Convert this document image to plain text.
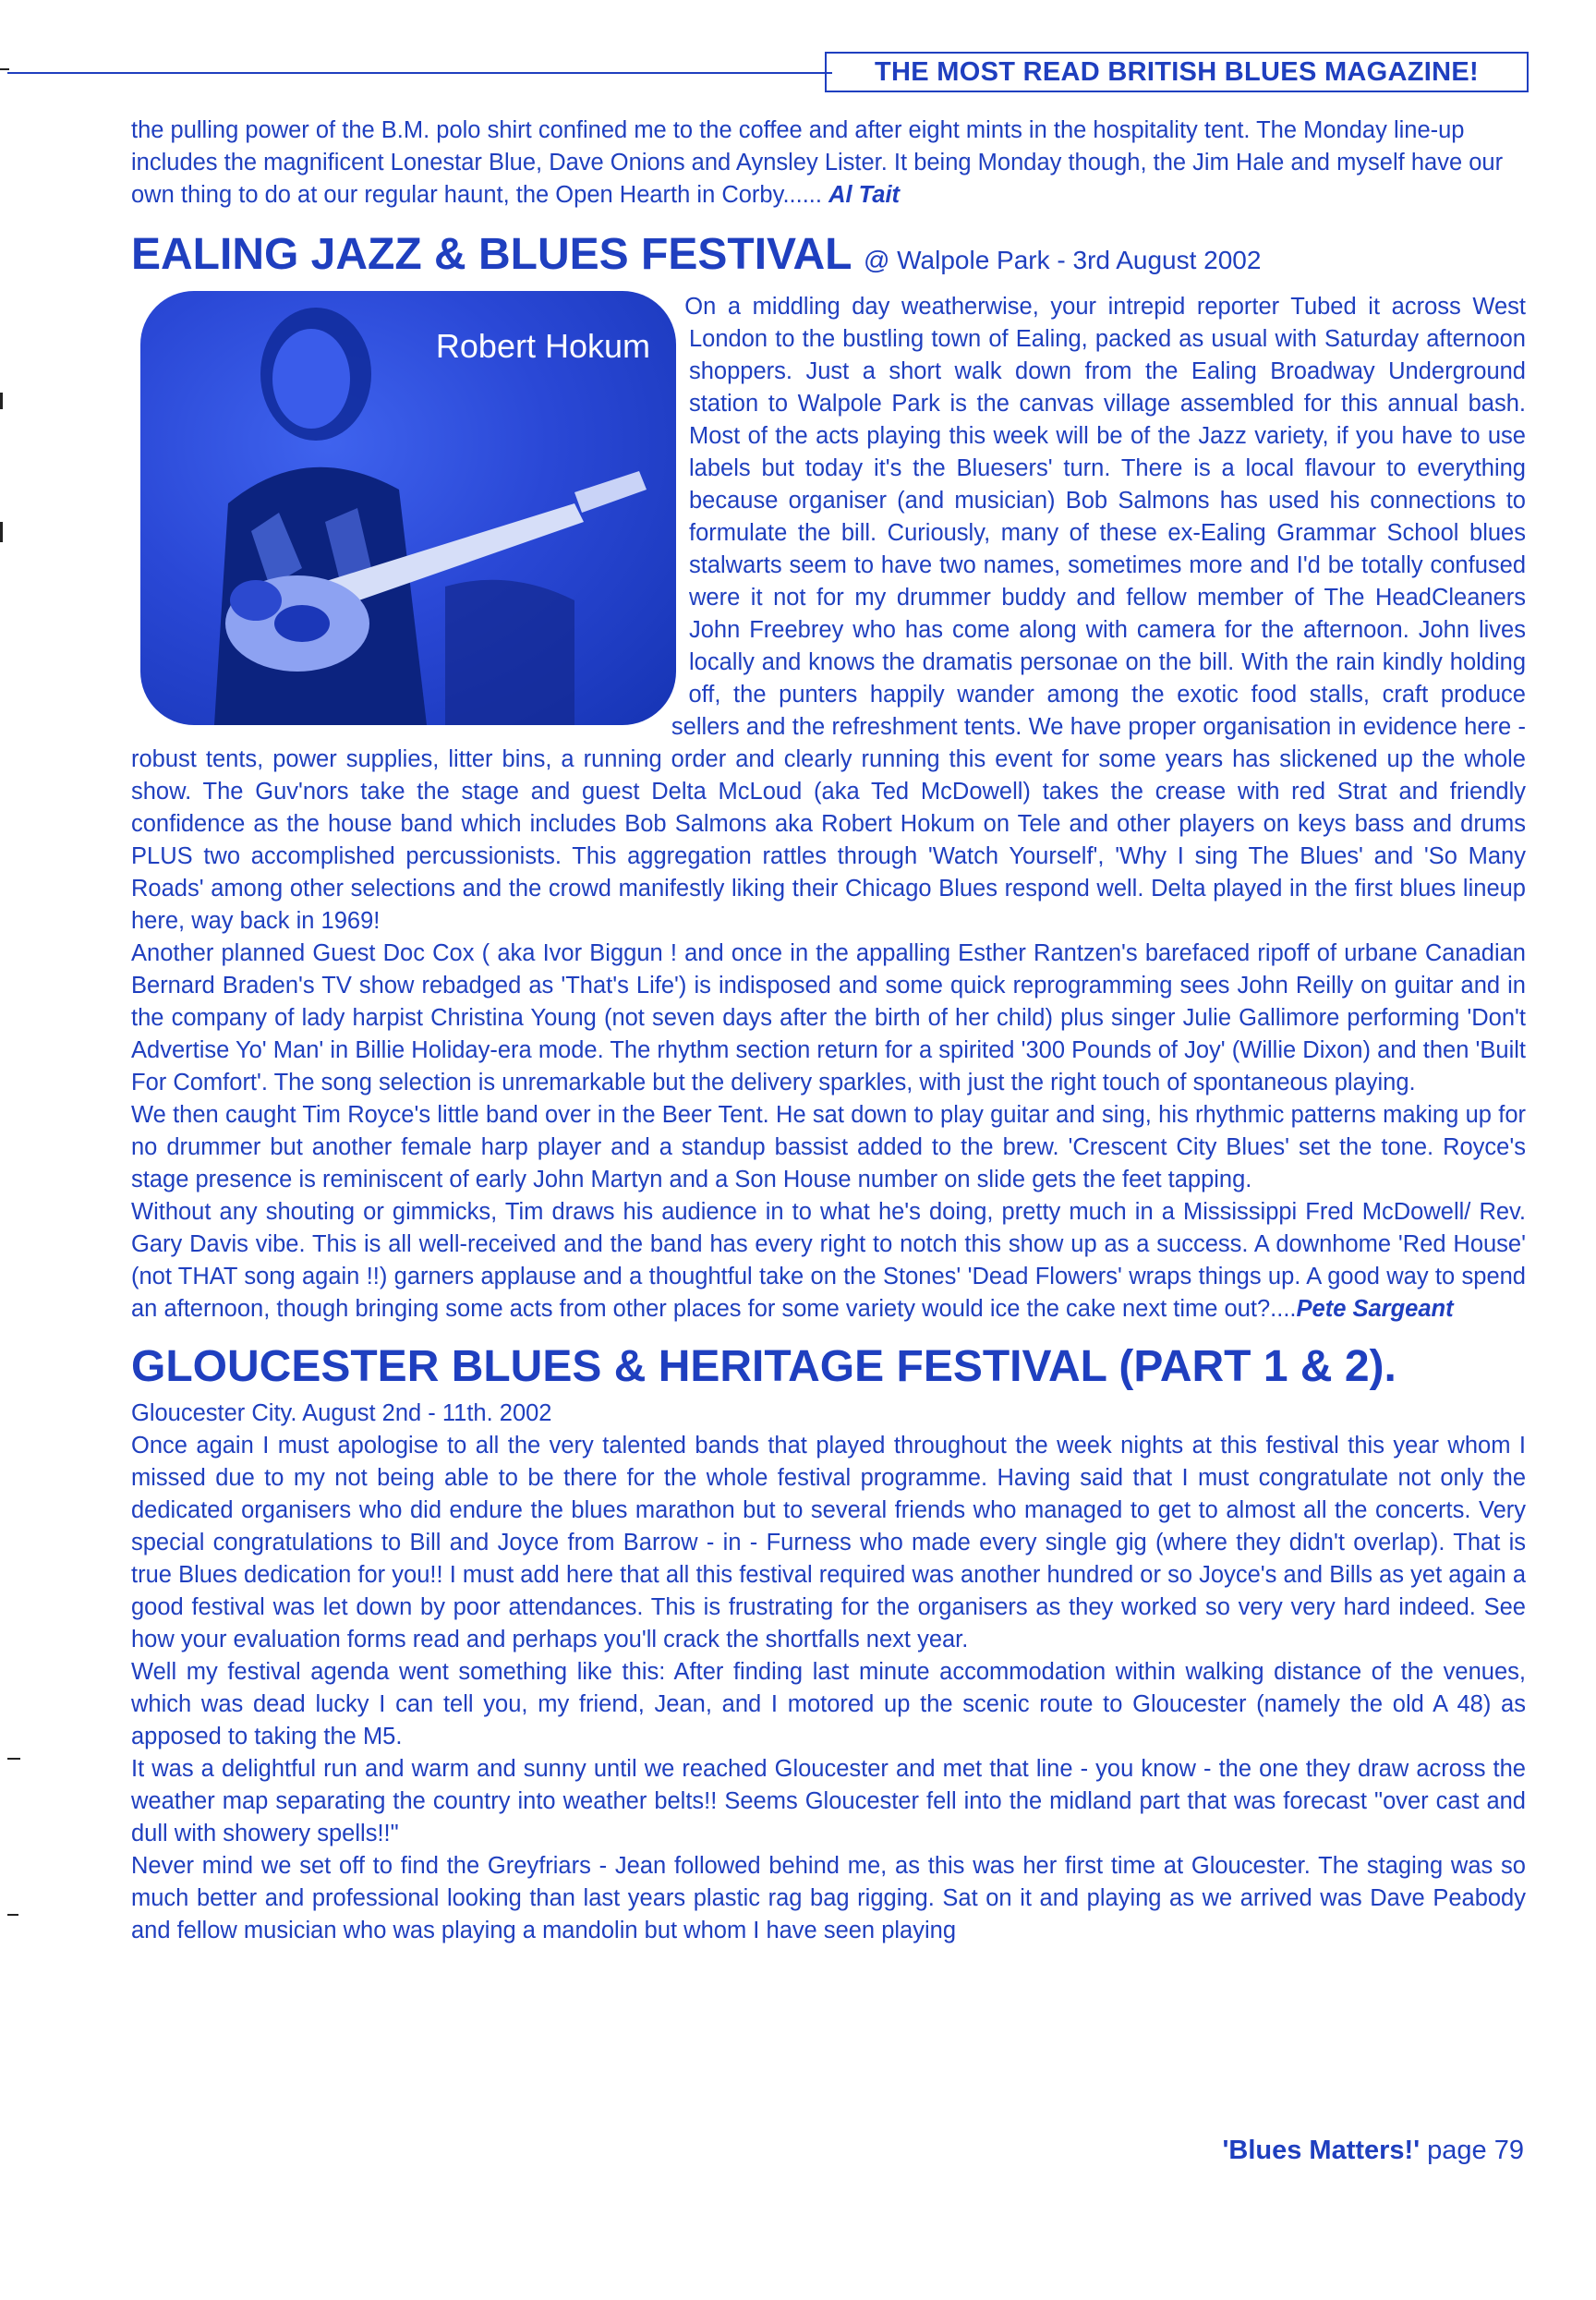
THE MOST READ BRITISH BLUES MAGAZINE!

the pulling power of the B.M. polo shirt confined me to the coffee and after eight mints in the hospitality tent. The Monday line-up includes the magnificent Lonestar Blue, Dave Onions and Aynsley Lister. It being Monday though, the Jim Hale and myself have our own thing to do at our regular haunt, the Open Hearth in Corby...... Al Tait

EALING JAZZ & BLUES FESTIVAL @ Walpole Park - 3rd August 2002
Robert Hokum

On a middling day weatherwise, your intrepid reporter Tubed it across West London to the bustling town of Ealing, packed as usual with Saturday afternoon shoppers. Just a short walk down from the Ealing Broadway Underground station to Walpole Park is the canvas village assembled for this annual bash. Most of the acts playing this week will be of the Jazz variety, if you have to use labels but today it's the Bluesers' turn. There is a local flavour to everything because organiser (and musician) Bob Salmons has used his connections to formulate the bill. Curiously, many of these ex-Ealing Grammar School blues stalwarts seem to have two names, sometimes more and I'd be totally confused were it not for my drummer buddy and fellow member of The HeadCleaners John Freebrey who has come along with camera for the afternoon. John lives locally and knows the dramatis personae on the bill. With the rain kindly holding off, the punters happily wander among the exotic food stalls, craft produce sellers and the refreshment tents. We have proper organisation in evidence here - robust tents, power supplies, litter bins, a running order and clearly running this event for some years has slickened up the whole show. The Guv'nors take the stage and guest Delta McLoud (aka Ted McDowell) takes the crease with red Strat and friendly confidence as the house band which includes Bob Salmons aka Robert Hokum on Tele and other players on keys bass and drums PLUS two accomplished percussionists. This aggregation rattles through 'Watch Yourself', 'Why I sing The Blues' and 'So Many Roads' among other selections and the crowd manifestly liking their Chicago Blues respond well. Delta played in the first blues lineup here, way back in 1969!

Another planned Guest Doc Cox ( aka Ivor Biggun ! and once in the appalling Esther Rantzen's barefaced ripoff of urbane Canadian Bernard Braden's TV show rebadged as 'That's Life') is indisposed and some quick reprogramming sees John Reilly on guitar and in the company of lady harpist Christina Young (not seven days after the birth of her child) plus singer Julie Gallimore performing 'Don't Advertise Yo' Man' in Billie Holiday-era mode. The rhythm section return for a spirited '300 Pounds of Joy' (Willie Dixon) and then 'Built For Comfort'. The song selection is unremarkable but the delivery sparkles, with just the right touch of spontaneous playing.

We then caught Tim Royce's little band over in the Beer Tent. He sat down to play guitar and sing, his rhythmic patterns making up for no drummer but another female harp player and a standup bassist added to the brew. 'Crescent City Blues' set the tone. Royce's stage presence is reminiscent of early John Martyn and a Son House number on slide gets the feet tapping.

Without any shouting or gimmicks, Tim draws his audience in to what he's doing, pretty much in a Mississippi Fred McDowell/ Rev. Gary Davis vibe. This is all well-received and the band has every right to notch this show up as a success. A downhome 'Red House' (not THAT song again !!) garners applause and a thoughtful take on the Stones' 'Dead Flowers' wraps things up. A good way to spend an afternoon, though bringing some acts from other places for some variety would ice the cake next time out?....Pete Sargeant

GLOUCESTER BLUES & HERITAGE FESTIVAL (PART 1 & 2).

Gloucester City. August 2nd - 11th. 2002

Once again I must apologise to all the very talented bands that played throughout the week nights at this festival this year whom I missed due to my not being able to be there for the whole festival programme. Having said that I must congratulate not only the dedicated organisers who did endure the blues marathon but to several friends who managed to get to almost all the concerts. Very special congratulations to Bill and Joyce from Barrow - in - Furness who made every single gig (where they didn't overlap). That is true Blues dedication for you!! I must add here that all this festival required was another hundred or so Joyce's and Bills as yet again a good festival was let down by poor attendances. This is frustrating for the organisers as they worked so very very hard indeed. See how your evaluation forms read and perhaps you'll crack the shortfalls next year.

Well my festival agenda went something like this: After finding last minute accommodation within walking distance of the venues, which was dead lucky I can tell you, my friend, Jean, and I motored up the scenic route to Gloucester (namely the old A 48) as apposed to taking the M5.

It was a delightful run and warm and sunny until we reached Gloucester and met that line - you know - the one they draw across the weather map separating the country into weather belts!! Seems Gloucester fell into the midland part that was forecast "over cast and dull with showery spells!!"

Never mind we set off to find the Greyfriars - Jean followed behind me, as this was her first time at Gloucester. The staging was so much better and professional looking than last years plastic rag bag rigging. Sat on it and playing as we arrived was Dave Peabody and fellow musician who was playing a mandolin but whom I have seen playing

'Blues Matters!' page 79
